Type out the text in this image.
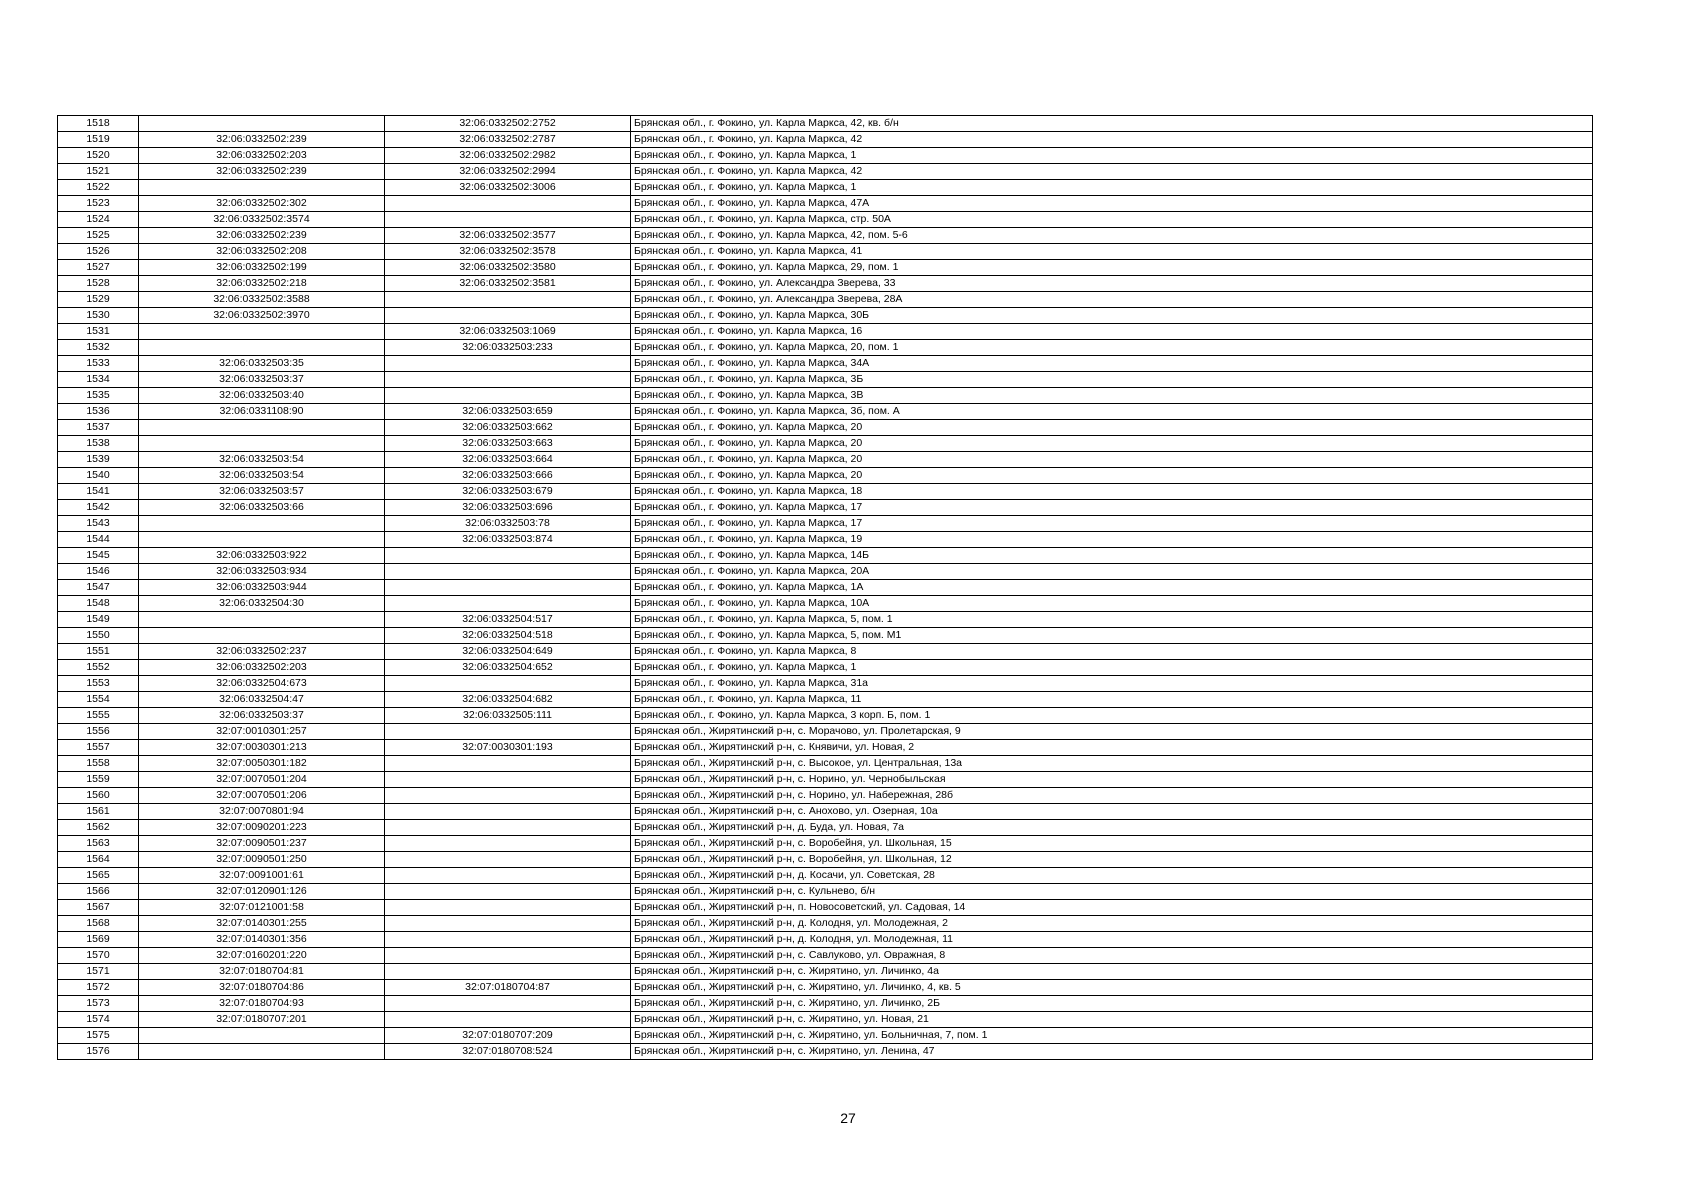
1518		32:06:0332502:2752	Брянская обл., г. Фокино, ул. Карла Маркса, 42, кв. б/н
1519	32:06:0332502:239	32:06:0332502:2787	Брянская обл., г. Фокино, ул. Карла Маркса, 42
1520	32:06:0332502:203	32:06:0332502:2982	Брянская обл., г. Фокино, ул. Карла Маркса, 1
1521	32:06:0332502:239	32:06:0332502:2994	Брянская обл., г. Фокино, ул. Карла Маркса, 42
1522		32:06:0332502:3006	Брянская обл., г. Фокино, ул. Карла Маркса, 1
1523	32:06:0332502:302		Брянская обл., г. Фокино, ул. Карла Маркса, 47А
1524	32:06:0332502:3574		Брянская обл., г. Фокино, ул. Карла Маркса, стр. 50А
1525	32:06:0332502:239	32:06:0332502:3577	Брянская обл., г. Фокино, ул. Карла Маркса, 42, пом. 5-6
1526	32:06:0332502:208	32:06:0332502:3578	Брянская обл., г. Фокино, ул. Карла Маркса, 41
1527	32:06:0332502:199	32:06:0332502:3580	Брянская обл., г. Фокино, ул. Карла Маркса, 29, пом. 1
1528	32:06:0332502:218	32:06:0332502:3581	Брянская обл., г. Фокино, ул. Александра Зверева, 33
1529	32:06:0332502:3588		Брянская обл., г. Фокино, ул. Александра Зверева, 28А
1530	32:06:0332502:3970		Брянская обл., г. Фокино, ул. Карла Маркса, 30Б
1531		32:06:0332503:1069	Брянская обл., г. Фокино, ул. Карла Маркса, 16
1532		32:06:0332503:233	Брянская обл., г. Фокино, ул. Карла Маркса, 20, пом. 1
1533	32:06:0332503:35		Брянская обл., г. Фокино, ул. Карла Маркса, 34А
1534	32:06:0332503:37		Брянская обл., г. Фокино, ул. Карла Маркса, 3Б
1535	32:06:0332503:40		Брянская обл., г. Фокино, ул. Карла Маркса, 3В
1536	32:06:0331108:90	32:06:0332503:659	Брянская обл., г. Фокино, ул. Карла Маркса, 3б, пом. А
1537		32:06:0332503:662	Брянская обл., г. Фокино, ул. Карла Маркса, 20
1538		32:06:0332503:663	Брянская обл., г. Фокино, ул. Карла Маркса, 20
1539	32:06:0332503:54	32:06:0332503:664	Брянская обл., г. Фокино, ул. Карла Маркса, 20
1540	32:06:0332503:54	32:06:0332503:666	Брянская обл., г. Фокино, ул. Карла Маркса, 20
1541	32:06:0332503:57	32:06:0332503:679	Брянская обл., г. Фокино, ул. Карла Маркса, 18
1542	32:06:0332503:66	32:06:0332503:696	Брянская обл., г. Фокино, ул. Карла Маркса, 17
1543		32:06:0332503:78	Брянская обл., г. Фокино, ул. Карла Маркса, 17
1544		32:06:0332503:874	Брянская обл., г. Фокино, ул. Карла Маркса, 19
1545	32:06:0332503:922		Брянская обл., г. Фокино, ул. Карла Маркса, 14Б
1546	32:06:0332503:934		Брянская обл., г. Фокино, ул. Карла Маркса, 20А
1547	32:06:0332503:944		Брянская обл., г. Фокино, ул. Карла Маркса, 1А
1548	32:06:0332504:30		Брянская обл., г. Фокино, ул. Карла Маркса, 10А
1549		32:06:0332504:517	Брянская обл., г. Фокино, ул. Карла Маркса, 5, пом. 1
1550		32:06:0332504:518	Брянская обл., г. Фокино, ул. Карла Маркса, 5, пом. М1
1551	32:06:0332502:237	32:06:0332504:649	Брянская обл., г. Фокино, ул. Карла Маркса, 8
1552	32:06:0332502:203	32:06:0332504:652	Брянская обл., г. Фокино, ул. Карла Маркса, 1
1553	32:06:0332504:673		Брянская обл., г. Фокино, ул. Карла Маркса, 31а
1554	32:06:0332504:47	32:06:0332504:682	Брянская обл., г. Фокино, ул. Карла Маркса, 11
1555	32:06:0332503:37	32:06:0332505:111	Брянская обл., г. Фокино, ул. Карла Маркса, 3 корп. Б, пом. 1
1556	32:07:0010301:257		Брянская обл., Жирятинский р-н, с. Морачово, ул. Пролетарская, 9
1557	32:07:0030301:213	32:07:0030301:193	Брянская обл., Жирятинский р-н, с. Княвичи, ул. Новая, 2
1558	32:07:0050301:182		Брянская обл., Жирятинский р-н, с. Высокое, ул. Центральная, 13а
1559	32:07:0070501:204		Брянская обл., Жирятинский р-н, с. Норино, ул. Чернобыльская
1560	32:07:0070501:206		Брянская обл., Жирятинский р-н, с. Норино, ул. Набережная, 28б
1561	32:07:0070801:94		Брянская обл., Жирятинский р-н, с. Анохово, ул. Озерная, 10а
1562	32:07:0090201:223		Брянская обл., Жирятинский р-н, д. Буда, ул. Новая, 7а
1563	32:07:0090501:237		Брянская обл., Жирятинский р-н, с. Воробейня, ул. Школьная, 15
1564	32:07:0090501:250		Брянская обл., Жирятинский р-н, с. Воробейня, ул. Школьная, 12
1565	32:07:0091001:61		Брянская обл., Жирятинский р-н, д. Косачи, ул. Советская, 28
1566	32:07:0120901:126		Брянская обл., Жирятинский р-н, с. Кульнево, б/н
1567	32:07:0121001:58		Брянская обл., Жирятинский р-н, п. Новосоветский, ул. Садовая, 14
1568	32:07:0140301:255		Брянская обл., Жирятинский р-н, д. Колодня, ул. Молодежная, 2
1569	32:07:0140301:356		Брянская обл., Жирятинский р-н, д. Колодня, ул. Молодежная, 11
1570	32:07:0160201:220		Брянская обл., Жирятинский р-н, с. Савлуково, ул. Овражная, 8
1571	32:07:0180704:81		Брянская обл., Жирятинский р-н, с. Жирятино, ул. Личинко, 4а
1572	32:07:0180704:86	32:07:0180704:87	Брянская обл., Жирятинский р-н, с. Жирятино, ул. Личинко, 4, кв. 5
1573	32:07:0180704:93		Брянская обл., Жирятинский р-н, с. Жирятино, ул. Личинко, 2Б
1574	32:07:0180707:201		Брянская обл., Жирятинский р-н, с. Жирятино, ул. Новая, 21
1575		32:07:0180707:209	Брянская обл., Жирятинский р-н, с. Жирятино, ул. Больничная, 7, пом. 1
1576		32:07:0180708:524	Брянская обл., Жирятинский р-н, с. Жирятино, ул. Ленина, 47
27
